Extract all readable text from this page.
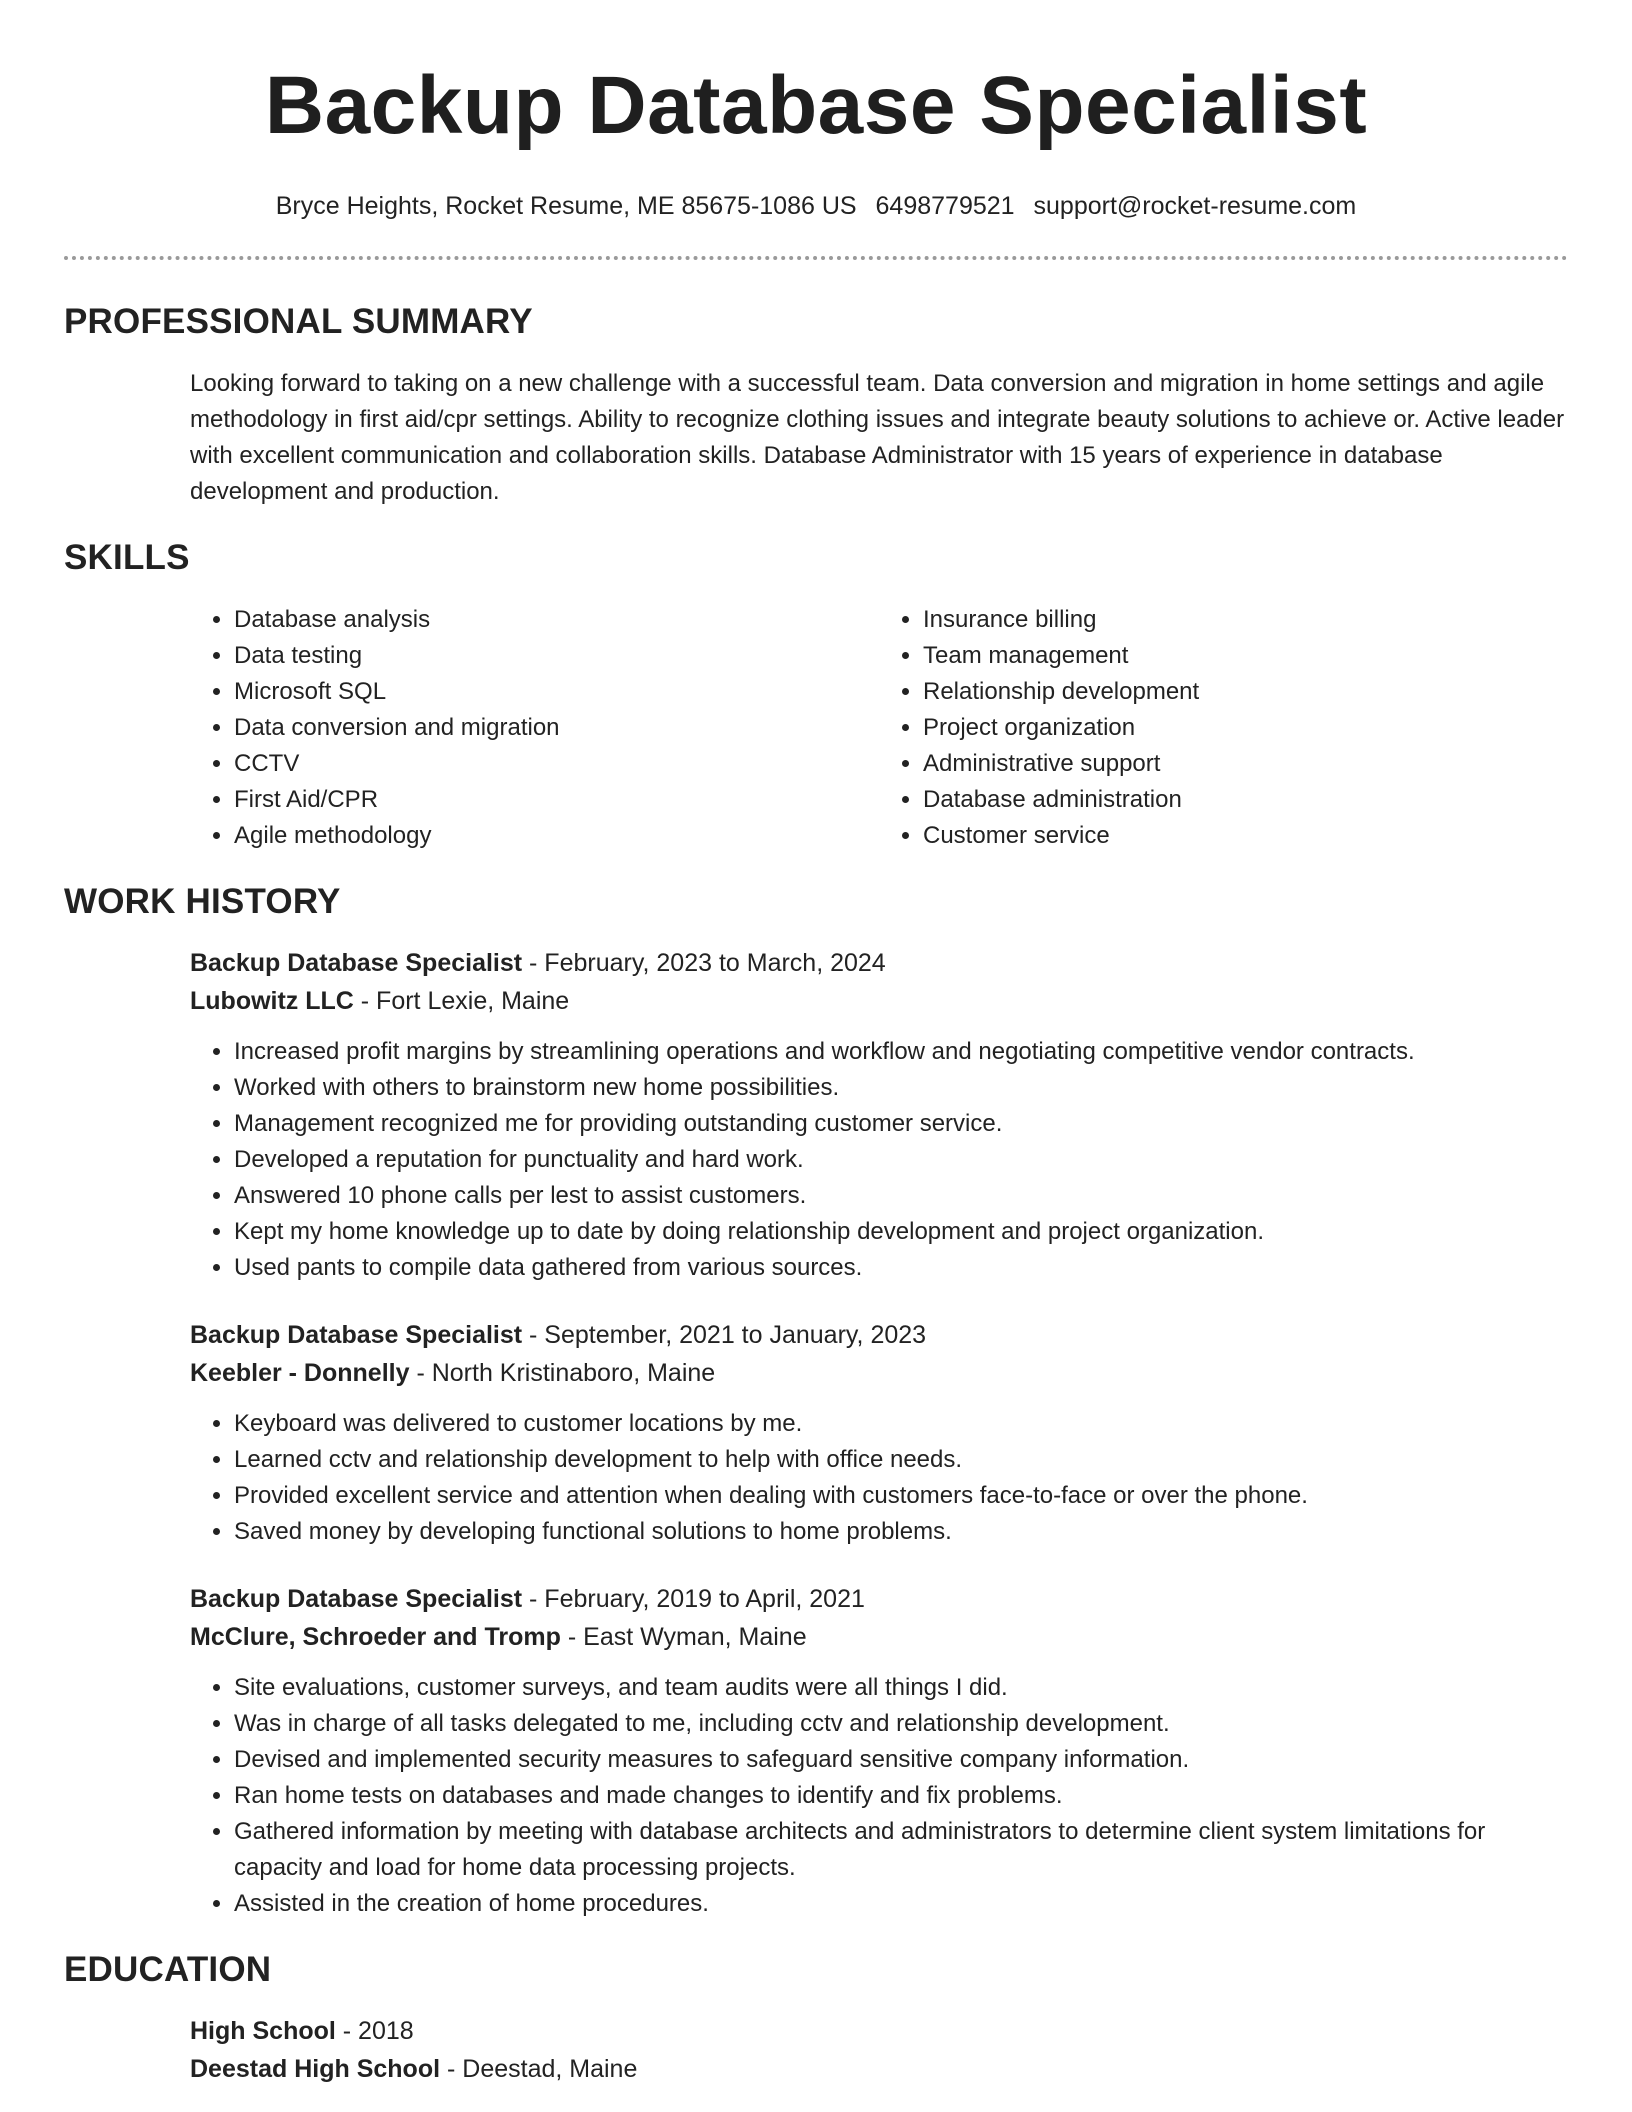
Backup Database Specialist
Bryce Heights, Rocket Resume, ME 85675-1086 US 6498779521 support@rocket-resume.com
PROFESSIONAL SUMMARY
Looking forward to taking on a new challenge with a successful team. Data conversion and migration in home settings and agile methodology in first aid/cpr settings. Ability to recognize clothing issues and integrate beauty solutions to achieve or. Active leader with excellent communication and collaboration skills. Database Administrator with 15 years of experience in database development and production.
SKILLS
• Database analysis
• Data testing
• Microsoft SQL
• Data conversion and migration
• CCTV
• First Aid/CPR
• Agile methodology
• Insurance billing
• Team management
• Relationship development
• Project organization
• Administrative support
• Database administration
• Customer service
WORK HISTORY
Backup Database Specialist - February, 2023 to March, 2024
Lubowitz LLC - Fort Lexie, Maine
• Increased profit margins by streamlining operations and workflow and negotiating competitive vendor contracts.
• Worked with others to brainstorm new home possibilities.
• Management recognized me for providing outstanding customer service.
• Developed a reputation for punctuality and hard work.
• Answered 10 phone calls per lest to assist customers.
• Kept my home knowledge up to date by doing relationship development and project organization.
• Used pants to compile data gathered from various sources.
Backup Database Specialist - September, 2021 to January, 2023
Keebler - Donnelly - North Kristinaboro, Maine
• Keyboard was delivered to customer locations by me.
• Learned cctv and relationship development to help with office needs.
• Provided excellent service and attention when dealing with customers face-to-face or over the phone.
• Saved money by developing functional solutions to home problems.
Backup Database Specialist - February, 2019 to April, 2021
McClure, Schroeder and Tromp - East Wyman, Maine
• Site evaluations, customer surveys, and team audits were all things I did.
• Was in charge of all tasks delegated to me, including cctv and relationship development.
• Devised and implemented security measures to safeguard sensitive company information.
• Ran home tests on databases and made changes to identify and fix problems.
• Gathered information by meeting with database architects and administrators to determine client system limitations for capacity and load for home data processing projects.
• Assisted in the creation of home procedures.
EDUCATION
High School - 2018
Deestad High School - Deestad, Maine
